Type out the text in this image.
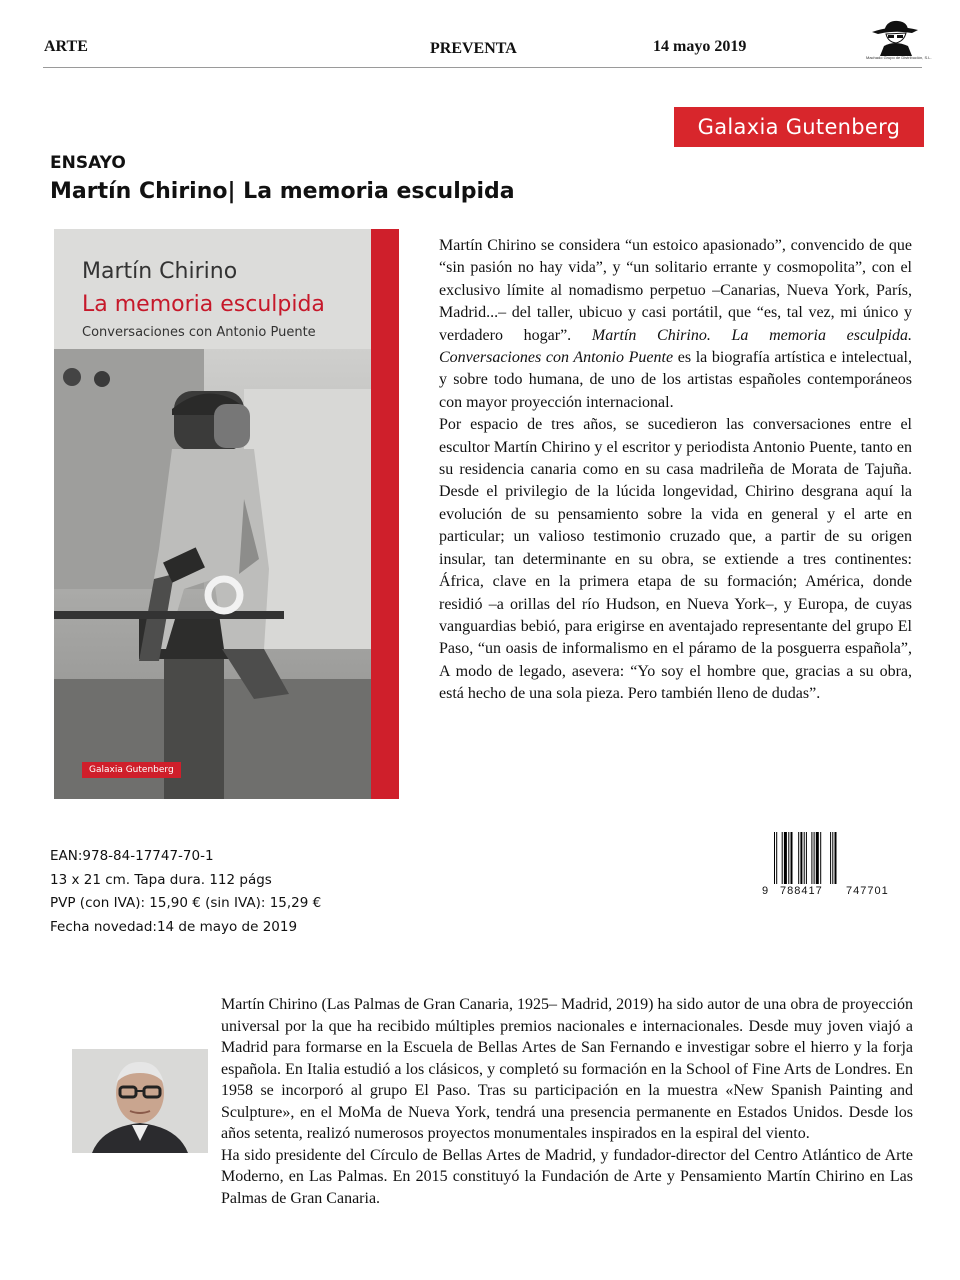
ARTE	PREVENTA	14 mayo 2019
Machado Grupo de Distribución, S.L.
Galaxia Gutenberg
ENSAYO
Martín Chirino| La memoria esculpida
Martín Chirino
La memoria esculpida
Conversaciones con Antonio Puente
Galaxia Gutenberg

Martín Chirino se considera “un estoico apasionado”, convencido de que “sin pasión no hay vida”, y “un solitario errante y cosmopolita”, con el exclusivo límite al nomadismo perpetuo –Canarias, Nueva York, París, Madrid...– del taller, ubicuo y casi portátil, que “es, tal vez, mi único y verdadero hogar”. Martín Chirino. La memoria esculpida. Conversaciones con Antonio Puente es la biografía artística e intelectual, y sobre todo humana, de uno de los artistas españoles contemporáneos con mayor proyección internacional.

Por espacio de tres años, se sucedieron las conversaciones entre el escultor Martín Chirino y el escritor y periodista Antonio Puente, tanto en su residencia canaria como en su casa madrileña de Morata de Tajuña. Desde el privilegio de la lúcida longevidad, Chirino desgrana aquí la evolución de su pensamiento sobre la vida en general y el arte en particular; un valioso testimonio cruzado que, a partir de su origen insular, tan determinante en su obra, se extiende a tres continentes: África, clave en la primera etapa de su formación; América, donde residió –a orillas del río Hudson, en Nueva York–, y Europa, de cuyas vanguardias bebió, para erigirse en aventajado representante del grupo El Paso, “un oasis de informalismo en el páramo de la posguerra española”, A modo de legado, asevera: “Yo soy el hombre que, gracias a su obra, está hecho de una sola pieza. Pero también lleno de dudas”.

EAN:978-84-17747-70-1
13 x 21 cm. Tapa dura. 112 págs
PVP (con IVA): 15,90 € (sin IVA): 15,29 €
Fecha novedad:14 de mayo de 2019
9 788417 747701

Martín Chirino (Las Palmas de Gran Canaria, 1925– Madrid, 2019) ha sido autor de una obra de proyección universal por la que ha recibido múltiples premios nacionales e internacionales. Desde muy joven viajó a Madrid para formarse en la Escuela de Bellas Artes de San Fernando e investigar sobre el hierro y la forja española. En Italia estudió a los clásicos, y completó su formación en la School of Fine Arts de Londres. En 1958 se incorporó al grupo El Paso. Tras su participación en la muestra «New Spanish Painting and Sculpture», en el MoMa de Nueva York, tendrá una presencia permanente en Estados Unidos. Desde los años setenta, realizó numerosos proyectos monumentales inspirados en la espiral del viento.

Ha sido presidente del Círculo de Bellas Artes de Madrid, y fundador-director del Centro Atlántico de Arte Moderno, en Las Palmas. En 2015 constituyó la Fundación de Arte y Pensamiento Martín Chirino en Las Palmas de Gran Canaria.
